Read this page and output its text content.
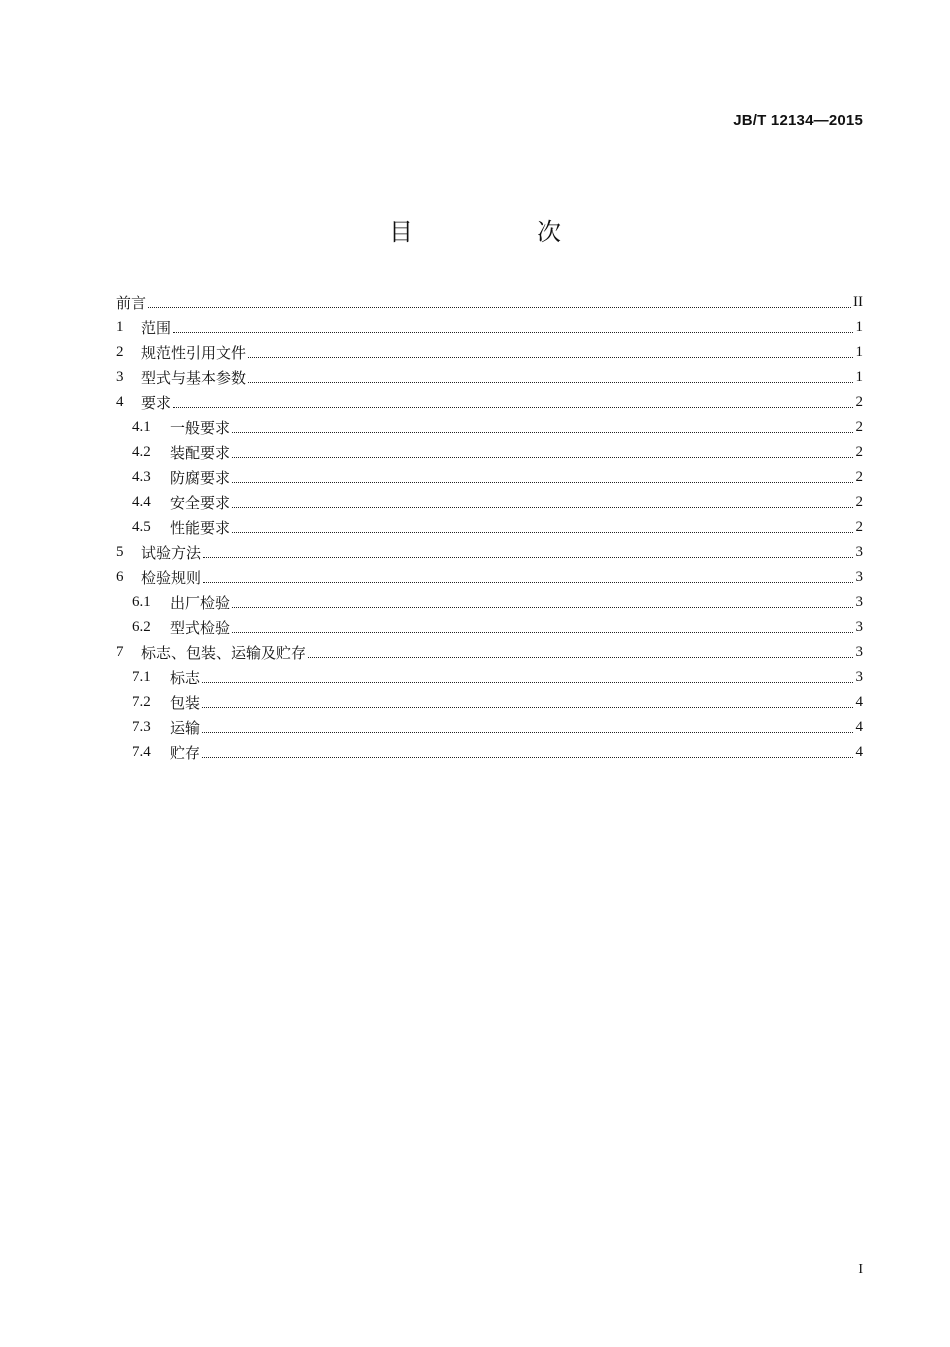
JB/T 12134—2015
目　次
前言	II
1	范围	1
2	规范性引用文件	1
3	型式与基本参数	1
4	要求	2
4.1	一般要求	2
4.2	装配要求	2
4.3	防腐要求	2
4.4	安全要求	2
4.5	性能要求	2
5	试验方法	3
6	检验规则	3
6.1	出厂检验	3
6.2	型式检验	3
7	标志、包装、运输及贮存	3
7.1	标志	3
7.2	包装	4
7.3	运输	4
7.4	贮存	4
I
